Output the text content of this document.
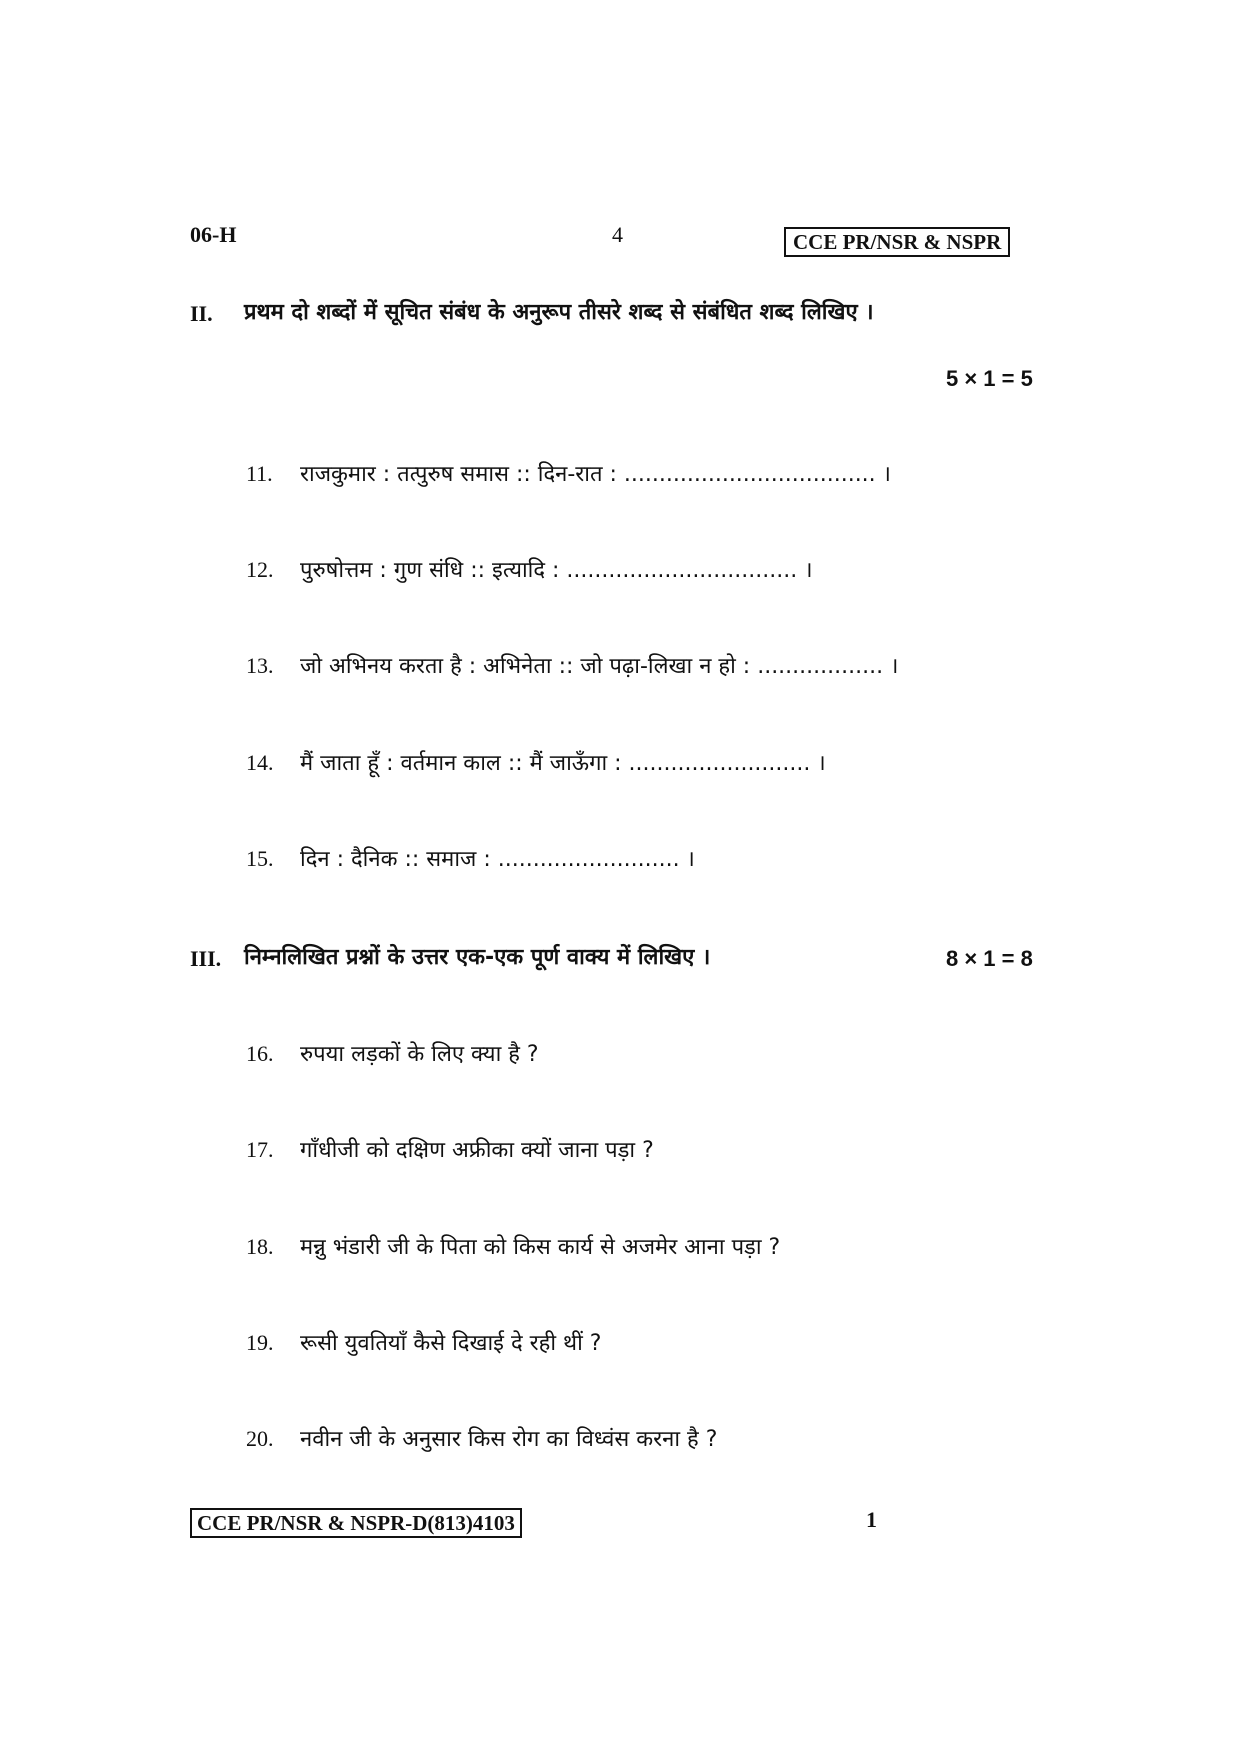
06-H	4	CCE PR/NSR & NSPR
II. प्रथम दो शब्दों में सूचित संबंध के अनुरूप तीसरे शब्द से संबंधित शब्द लिखिए ।
5 × 1 = 5
11. राजकुमार : तत्पुरुष समास :: दिन-रात : .................................... ।
12. पुरुषोत्तम : गुण संधि :: इत्यादि : ................................. ।
13. जो अभिनय करता है : अभिनेता :: जो पढ़ा-लिखा न हो : .................. ।
14. मैं जाता हूँ : वर्तमान काल :: मैं जाऊँगा : .......................... ।
15. दिन : दैनिक :: समाज : .......................... ।
III. निम्नलिखित प्रश्नों के उत्तर एक-एक पूर्ण वाक्य में लिखिए ।	8 × 1 = 8
16. रुपया लड़कों के लिए क्या है ?
17. गाँधीजी को दक्षिण अफ्रीका क्यों जाना पड़ा ?
18. मन्नु भंडारी जी के पिता को किस कार्य से अजमेर आना पड़ा ?
19. रूसी युवतियाँ कैसे दिखाई दे रही थीं ?
20. नवीन जी के अनुसार किस रोग का विध्वंस करना है ?
CCE PR/NSR & NSPR-D(813)4103	1
